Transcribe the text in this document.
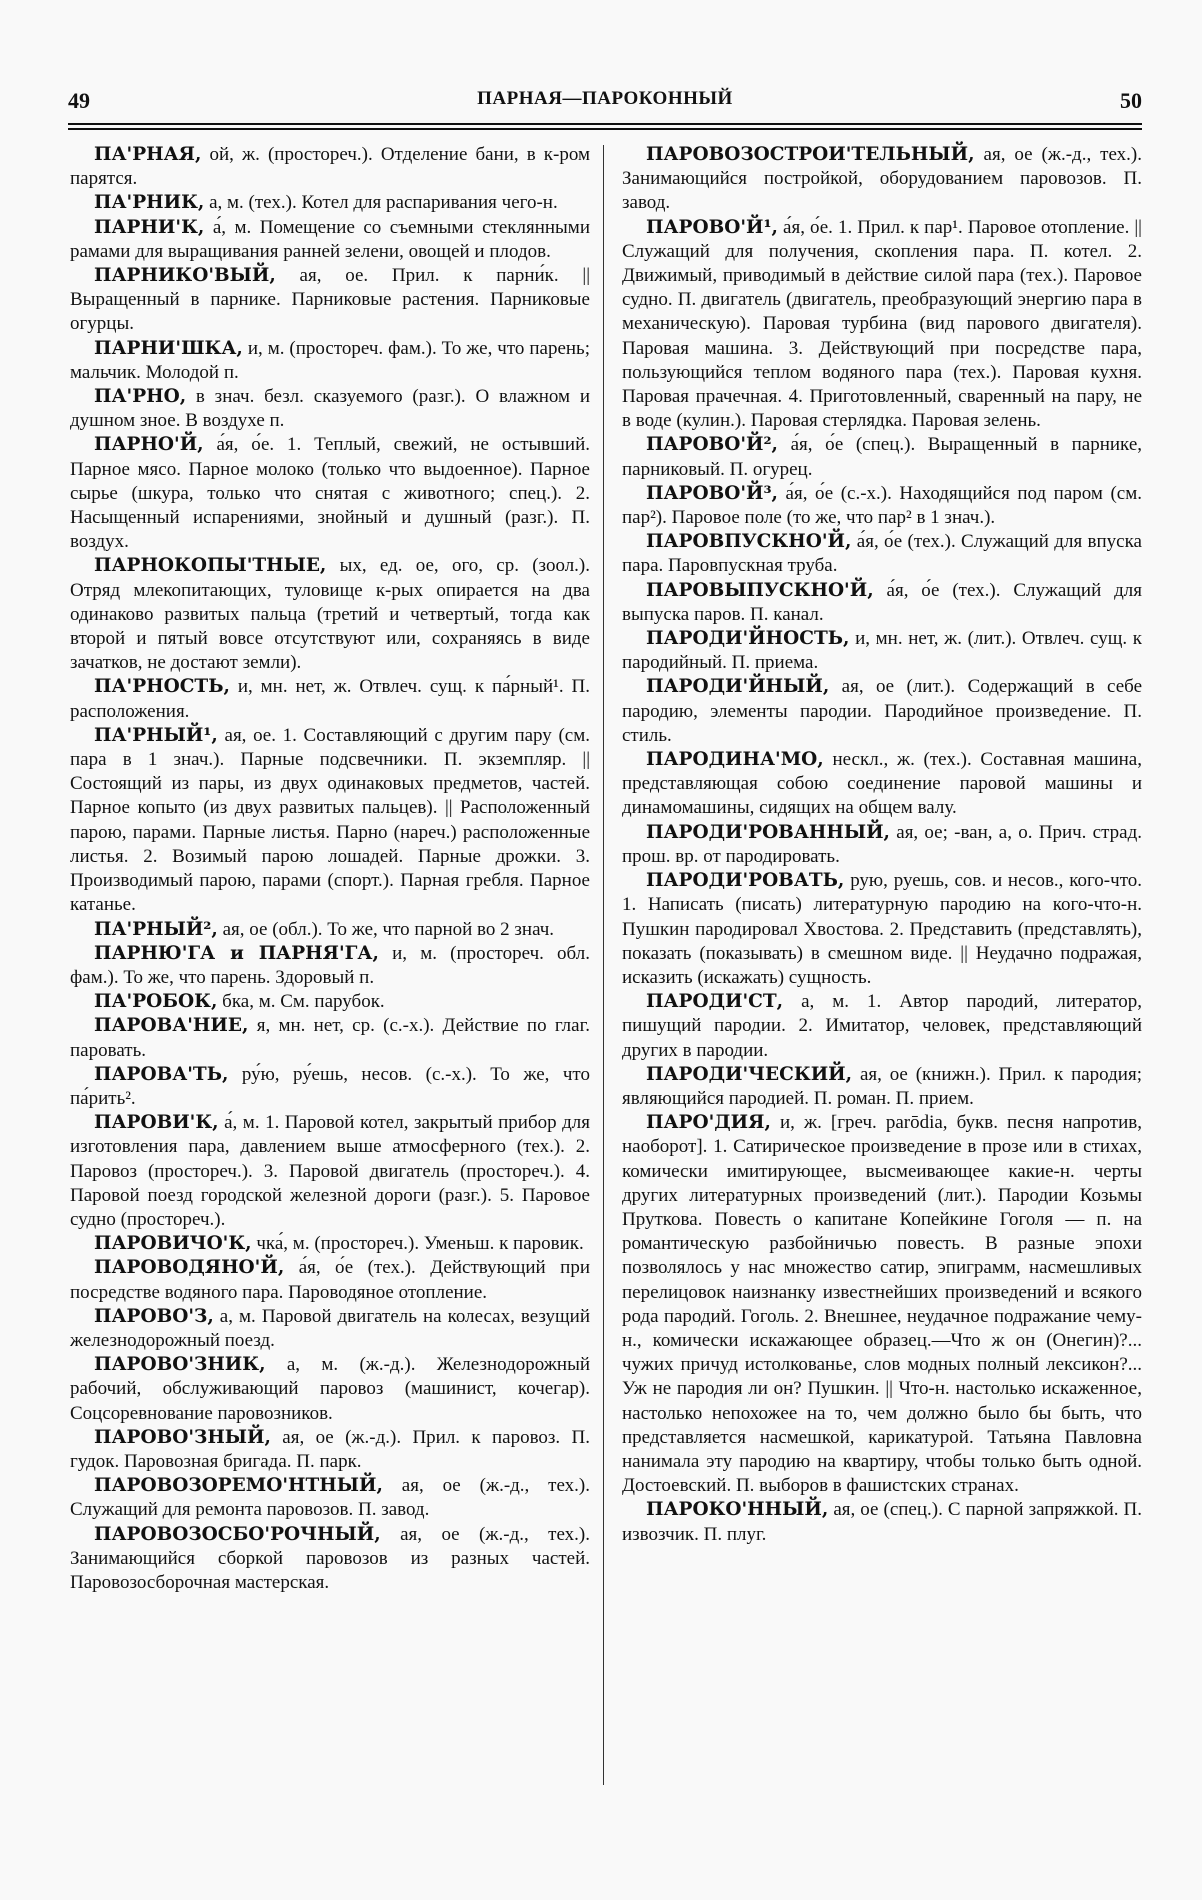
49	ПАРНАЯ—ПАРОКОННЫЙ	50

ПА'РНАЯ, ой, ж. (простореч.). Отделение бани, в к-ром парятся.

ПА'РНИК, а, м. (тех.). Котел для распаривания чего-н.

ПАРНИ'К, а́, м. Помещение со съемными стеклянными рамами для выращивания ранней зелени, овощей и плодов.

ПАРНИКО'ВЫЙ, ая, ое. Прил. к парни́к. || Выращенный в парнике. Парниковые растения. Парниковые огурцы.

ПАРНИ'ШКА, и, м. (простореч. фам.). То же, что парень; мальчик. Молодой п.

ПА'РНО, в знач. безл. сказуемого (разг.). О влажном и душном зное. В воздухе п.

ПАРНО'Й, а́я, о́е. 1. Теплый, свежий, не остывший. Парное мясо. Парное молоко (только что выдоенное). Парное сырье (шкура, только что снятая с животного; спец.). 2. Насыщенный испарениями, знойный и душный (разг.). П. воздух.

ПАРНОКОПЫ'ТНЫЕ, ых, ед. ое, ого, ср. (зоол.). Отряд млекопитающих, туловище к-рых опирается на два одинаково развитых пальца (третий и четвертый, тогда как второй и пятый вовсе отсутствуют или, сохраняясь в виде зачатков, не достают земли).

ПА'РНОСТЬ, и, мн. нет, ж. Отвлеч. сущ. к па́рный¹. П. расположения.

ПА'РНЫЙ¹, ая, ое. 1. Составляющий с другим пару (см. пара в 1 знач.). Парные подсвечники. П. экземпляр. || Состоящий из пары, из двух одинаковых предметов, частей. Парное копыто (из двух развитых пальцев). || Расположенный парою, парами. Парные листья. Парно (нареч.) расположенные листья. 2. Возимый парою лошадей. Парные дрожки. 3. Производимый парою, парами (спорт.). Парная гребля. Парное катанье.

ПА'РНЫЙ², ая, ое (обл.). То же, что парной во 2 знач.

ПАРНЮ'ГА и ПАРНЯ'ГА, и, м. (простореч. обл. фам.). То же, что парень. Здоровый п.

ПА'РОБОК, бка, м. См. парубок.

ПАРОВА'НИЕ, я, мн. нет, ср. (с.-х.). Действие по глаг. паровать.

ПАРОВА'ТЬ, ру́ю, ру́ешь, несов. (с.-х.). То же, что па́рить².

ПАРОВИ'К, а́, м. 1. Паровой котел, закрытый прибор для изготовления пара, давлением выше атмосферного (тех.). 2. Паровоз (простореч.). 3. Паровой двигатель (простореч.). 4. Паровой поезд городской железной дороги (разг.). 5. Паровое судно (простореч.).

ПАРОВИЧО'К, чка́, м. (простореч.). Уменьш. к паровик.

ПАРОВОДЯНО'Й, а́я, о́е (тех.). Действующий при посредстве водяного пара. Пароводяное отопление.

ПАРОВО'З, а, м. Паровой двигатель на колесах, везущий железнодорожный поезд.

ПАРОВО'ЗНИК, а, м. (ж.-д.). Железнодорожный рабочий, обслуживающий паровоз (машинист, кочегар). Соцсоревнование паровозников.

ПАРОВО'ЗНЫЙ, ая, ое (ж.-д.). Прил. к паровоз. П. гудок. Паровозная бригада. П. парк.

ПАРОВОЗОРЕМО'НТНЫЙ, ая, ое (ж.-д., тех.). Служащий для ремонта паровозов. П. завод.

ПАРОВОЗОСБО'РОЧНЫЙ, ая, ое (ж.-д., тех.). Занимающийся сборкой паровозов из разных частей. Паровозосборочная мастерская.

ПАРОВОЗОСТРОИ'ТЕЛЬНЫЙ, ая, ое (ж.-д., тех.). Занимающийся постройкой, оборудованием паровозов. П. завод.

ПАРОВО'Й¹, а́я, о́е. 1. Прил. к пар¹. Паровое отопление. || Служащий для получения, скопления пара. П. котел. 2. Движимый, приводимый в действие силой пара (тех.). Паровое судно. П. двигатель (двигатель, преобразующий энергию пара в механическую). Паровая турбина (вид парового двигателя). Паровая машина. 3. Действующий при посредстве пара, пользующийся теплом водяного пара (тех.). Паровая кухня. Паровая прачечная. 4. Приготовленный, сваренный на пару, не в воде (кулин.). Паровая стерлядка. Паровая зелень.

ПАРОВО'Й², а́я, о́е (спец.). Выращенный в парнике, парниковый. П. огурец.

ПАРОВО'Й³, а́я, о́е (с.-х.). Находящийся под паром (см. пар²). Паровое поле (то же, что пар² в 1 знач.).

ПАРОВПУСКНО'Й, а́я, о́е (тех.). Служащий для впуска пара. Паровпускная труба.

ПАРОВЫПУСКНО'Й, а́я, о́е (тех.). Служащий для выпуска паров. П. канал.

ПАРОДИ'ЙНОСТЬ, и, мн. нет, ж. (лит.). Отвлеч. сущ. к пародийный. П. приема.

ПАРОДИ'ЙНЫЙ, ая, ое (лит.). Содержащий в себе пародию, элементы пародии. Пародийное произведение. П. стиль.

ПАРОДИНА'МО, нескл., ж. (тех.). Составная машина, представляющая собою соединение паровой машины и динамомашины, сидящих на общем валу.

ПАРОДИ'РОВАННЫЙ, ая, ое; -ван, а, о. Прич. страд. прош. вр. от пародировать.

ПАРОДИ'РОВАТЬ, рую, руешь, сов. и несов., кого-что. 1. Написать (писать) литературную пародию на кого-что-н. Пушкин пародировал Хвостова. 2. Представить (представлять), показать (показывать) в смешном виде. || Неудачно подражая, исказить (искажать) сущность.

ПАРОДИ'СТ, а, м. 1. Автор пародий, литератор, пишущий пародии. 2. Имитатор, человек, представляющий других в пародии.

ПАРОДИ'ЧЕСКИЙ, ая, ое (книжн.). Прил. к пародия; являющийся пародией. П. роман. П. прием.

ПАРО'ДИЯ, и, ж. [греч. parōdia, букв. песня напротив, наоборот]. 1. Сатирическое произведение в прозе или в стихах, комически имитирующее, высмеивающее какие-н. черты других литературных произведений (лит.). Пародии Козьмы Пруткова. Повесть о капитане Копейкине Гоголя — п. на романтическую разбойничью повесть. В разные эпохи позволялось у нас множество сатир, эпиграмм, насмешливых перелицовок наизнанку известнейших произведений и всякого рода пародий. Гоголь. 2. Внешнее, неудачное подражание чему-н., комически искажающее образец.—Что ж он (Онегин)?... чужих причуд истолкованье, слов модных полный лексикон?... Уж не пародия ли он? Пушкин. || Что-н. настолько искаженное, настолько непохожее на то, чем должно было бы быть, что представляется насмешкой, карикатурой. Татьяна Павловна нанимала эту пародию на квартиру, чтобы только быть одной. Достоевский. П. выборов в фашистских странах.

ПАРОКО'ННЫЙ, ая, ое (спец.). С парной запряжкой. П. извозчик. П. плуг.
